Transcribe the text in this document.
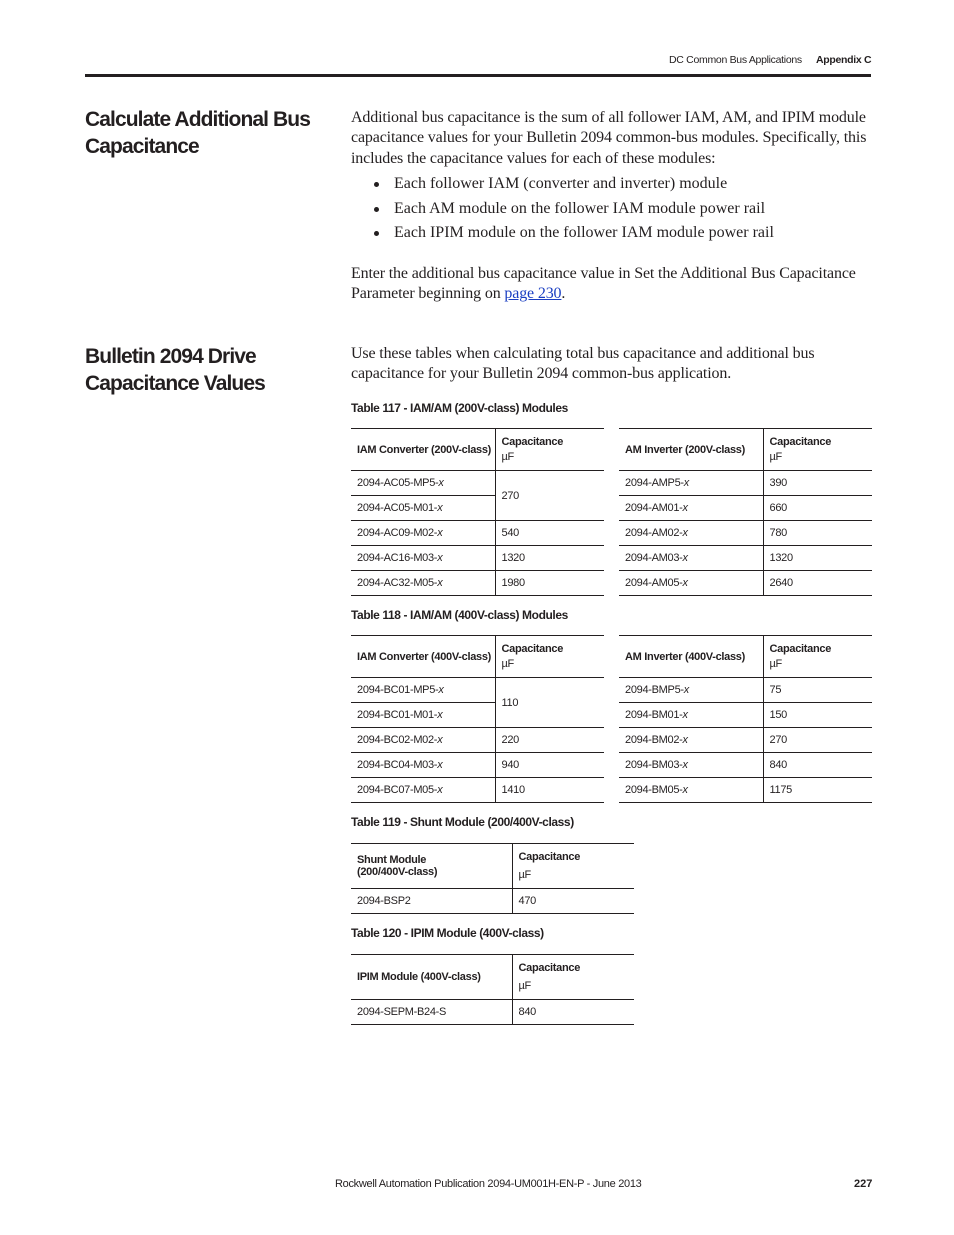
DC Common Bus Applications Appendix C
Calculate Additional Bus Capacitance

Additional bus capacitance is the sum of all follower IAM, AM, and IPIM module capacitance values for your Bulletin 2094 common-bus modules. Specifically, this includes the capacitance values for each of these modules:

Each follower IAM (converter and inverter) module
Each AM module on the follower IAM module power rail
Each IPIM module on the follower IAM module power rail

Enter the additional bus capacitance value in Set the Additional Bus Capacitance Parameter beginning on page 230.

Bulletin 2094 Drive Capacitance Values

Use these tables when calculating total bus capacitance and additional bus capacitance for your Bulletin 2094 common-bus application.

Table 117 - IAM/AM (200V-class) Modules
IAM Converter (200V-class)	Capacitance
µF

2094-AC05-MP5-x	270
2094-AC05-M01-x	
2094-AC09-M02-x	540
2094-AC16-M03-x	1320
2094-AC32-M05-x	1980
AM Inverter (200V-class)	Capacitance
µF

2094-AMP5-x	390
2094-AM01-x	660
2094-AM02-x	780
2094-AM03-x	1320
2094-AM05-x	2640
Table 118 - IAM/AM (400V-class) Modules
IAM Converter (400V-class)	Capacitance
µF

2094-BC01-MP5-x	110
2094-BC01-M01-x	
2094-BC02-M02-x	220
2094-BC04-M03-x	940
2094-BC07-M05-x	1410
AM Inverter (400V-class)	Capacitance
µF

2094-BMP5-x	75
2094-BM01-x	150
2094-BM02-x	270
2094-BM03-x	840
2094-BM05-x	1175
Table 119 - Shunt Module (200/400V-class)
Shunt Module
(200/400V-class)	Capacitance
µF

2094-BSP2	470
Table 120 - IPIM Module (400V-class)
IPIM Module (400V-class)	Capacitance
µF

2094-SEPM-B24-S	840
Rockwell Automation Publication 2094-UM001H-EN-P - June 2013	227
